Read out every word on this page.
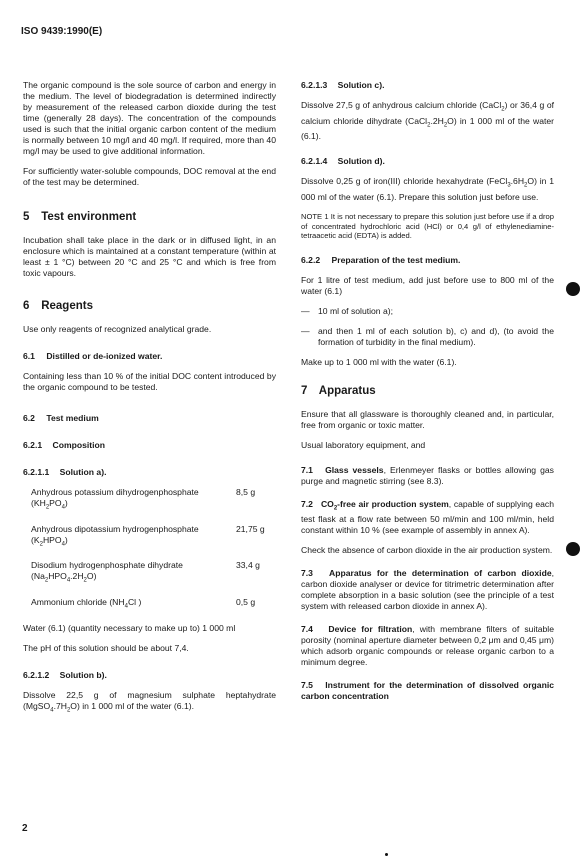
ISO 9439:1990(E)

The organic compound is the sole source of carbon and energy in the medium. The level of biodegradation is determined indirectly by measurement of the released carbon dioxide during the test time (generally 28 days). The concentration of the compounds used is such that the initial organic carbon content of the medium is normally between 10 mg/l and 40 mg/l. If required, more than 40 mg/l may be used to give additional information.

For sufficiently water-soluble compounds, DOC removal at the end of the test may be determined.

5 Test environment

Incubation shall take place in the dark or in diffused light, in an enclosure which is maintained at a constant temperature (within at least ± 1 °C) between 20 °C and 25 °C and which is free from toxic vapours.

6 Reagents

Use only reagents of recognized analytical grade.

6.1 Distilled or de-ionized water.

Containing less than 10 % of the initial DOC content introduced by the organic compound to be tested.

6.2 Test medium
6.2.1 Composition
6.2.1.1 Solution a).
Anhydrous potassium dihydrogenphosphate $(KH_2PO_4)$	8,5 g
Anhydrous dipotassium hydrogenphosphate $(K_2HPO_4)$	21,75 g
Disodium hydrogenphosphate dihydrate $(Na_2HPO_4.2H_2O)$	33,4 g
Ammonium chloride ($NH_4Cl$ )	0,5 g

Water (6.1) (quantity necessary to make up to) 1 000 ml

The pH of this solution should be about 7,4.

6.2.1.2 Solution b).

Dissolve 22,5 g of magnesium sulphate heptahydrate $(MgSO_4.7H_2O)$ in 1 000 ml of the water (6.1).

6.2.1.3 Solution c).

Dissolve 27,5 g of anhydrous calcium chloride (CaCl$_2$) or 36,4 g of calcium chloride dihydrate $(CaCl_2.2H_2O)$ in 1 000 ml of the water (6.1).

6.2.1.4 Solution d).

Dissolve 0,25 g of iron(III) chloride hexahydrate $(FeCl_3.6H_2O)$ in 1 000 ml of the water (6.1). Prepare this solution just before use.

NOTE 1 It is not necessary to prepare this solution just before use if a drop of concentrated hydrochloric acid (HCl) or 0,4 g/l of ethylenediamine-tetraacetic acid (EDTA) is added.
6.2.2 Preparation of the test medium.

For 1 litre of test medium, add just before use to 800 ml of the water (6.1)

— 10 ml of solution a);
— and then 1 ml of each solution b), c) and d), (to avoid the formation of turbidity in the final medium).

Make up to 1 000 ml with the water (6.1).

7 Apparatus

Ensure that all glassware is thoroughly cleaned and, in particular, free from organic or toxic matter.

Usual laboratory equipment, and

7.1 Glass vessels, Erlenmeyer flasks or bottles allowing gas purge and magnetic stirring (see 8.3).

7.2 $CO_2$-free air production system, capable of supplying each test flask at a flow rate between 50 ml/min and 100 ml/min, held constant within 10 % (see example of assembly in annex A).

Check the absence of carbon dioxide in the air production system.

7.3 Apparatus for the determination of carbon dioxide, carbon dioxide analyser or device for titrimetric determination after complete absorption in a basic solution (see the principle of a test system with released carbon dioxide in annex A).

7.4 Device for filtration, with membrane filters of suitable porosity (nominal aperture diameter between 0,2 μm and 0,45 μm) which adsorb organic compounds or release organic carbon to a minimum degree.

7.5 Instrument for the determination of dissolved organic carbon concentration

2
